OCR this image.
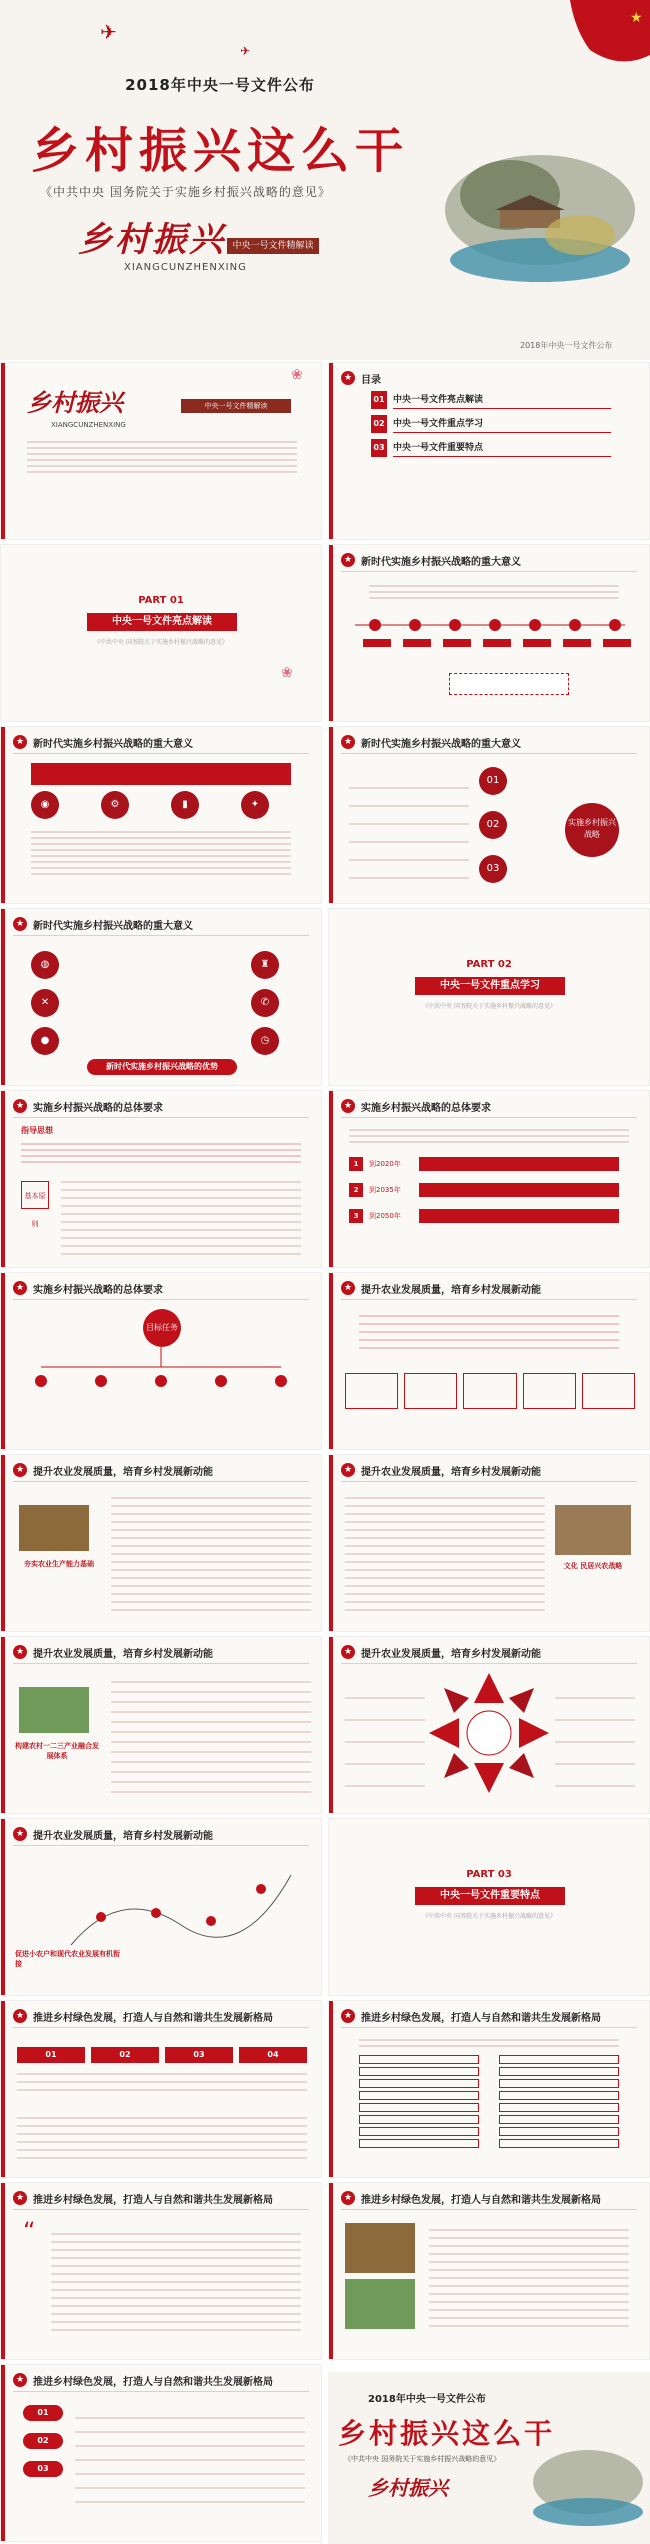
★
✈
✈
2018年中央一号文件公布
乡村振兴这么干
《中共中央 国务院关于实施乡村振兴战略的意见》
乡村振兴 中央一号文件精解读
XIANGCUNZHENXING
2018年中央一号文件公布
乡村振兴	中央一号文件精解读
XIANGCUNZHENXING
❀	★ 目录
01 中央一号文件亮点解读
02 中央一号文件重点学习
03 中央一号文件重要特点
PART 01
中央一号文件亮点解读
《中共中央 国务院关于实施乡村振兴战略的意见》
❀
★ 新时代实施乡村振兴战略的重大意义
★ 新时代实施乡村振兴战略的重大意义
◉	⚙	▮	✦
★ 新时代实施乡村振兴战略的重大意义
01
02
03
实施乡村振兴战略
★ 新时代实施乡村振兴战略的重大意义
◍
✕
●
♜
✆
◷
新时代实施乡村振兴战略的优势
PART 02
中央一号文件重点学习
《中共中央 国务院关于实施乡村振兴战略的意见》
★ 实施乡村振兴战略的总体要求
指导思想
基本原则
★ 实施乡村振兴战略的总体要求
1	到2020年
2	到2035年
3	到2050年
★ 实施乡村振兴战略的总体要求
目标任务
★ 提升农业发展质量，培育乡村发展新动能
★ 提升农业发展质量，培育乡村发展新动能
夯实农业生产能力基础
★ 提升农业发展质量，培育乡村发展新动能
文化 民居兴农战略
★ 提升农业发展质量，培育乡村发展新动能
构建农村一二三产业融合发展体系
★ 提升农业发展质量，培育乡村发展新动能
★ 提升农业发展质量，培育乡村发展新动能
促进小农户和现代农业发展有机衔接
PART 03
中央一号文件重要特点
《中共中央 国务院关于实施乡村振兴战略的意见》
★ 推进乡村绿色发展，打造人与自然和谐共生发展新格局
01	02	03	04
★ 推进乡村绿色发展，打造人与自然和谐共生发展新格局
★ 推进乡村绿色发展，打造人与自然和谐共生发展新格局
“
★ 推进乡村绿色发展，打造人与自然和谐共生发展新格局
★ 推进乡村绿色发展，打造人与自然和谐共生发展新格局
01
02
03
2018年中央一号文件公布
乡村振兴这么干
《中共中央 国务院关于实施乡村振兴战略的意见》
乡村振兴
